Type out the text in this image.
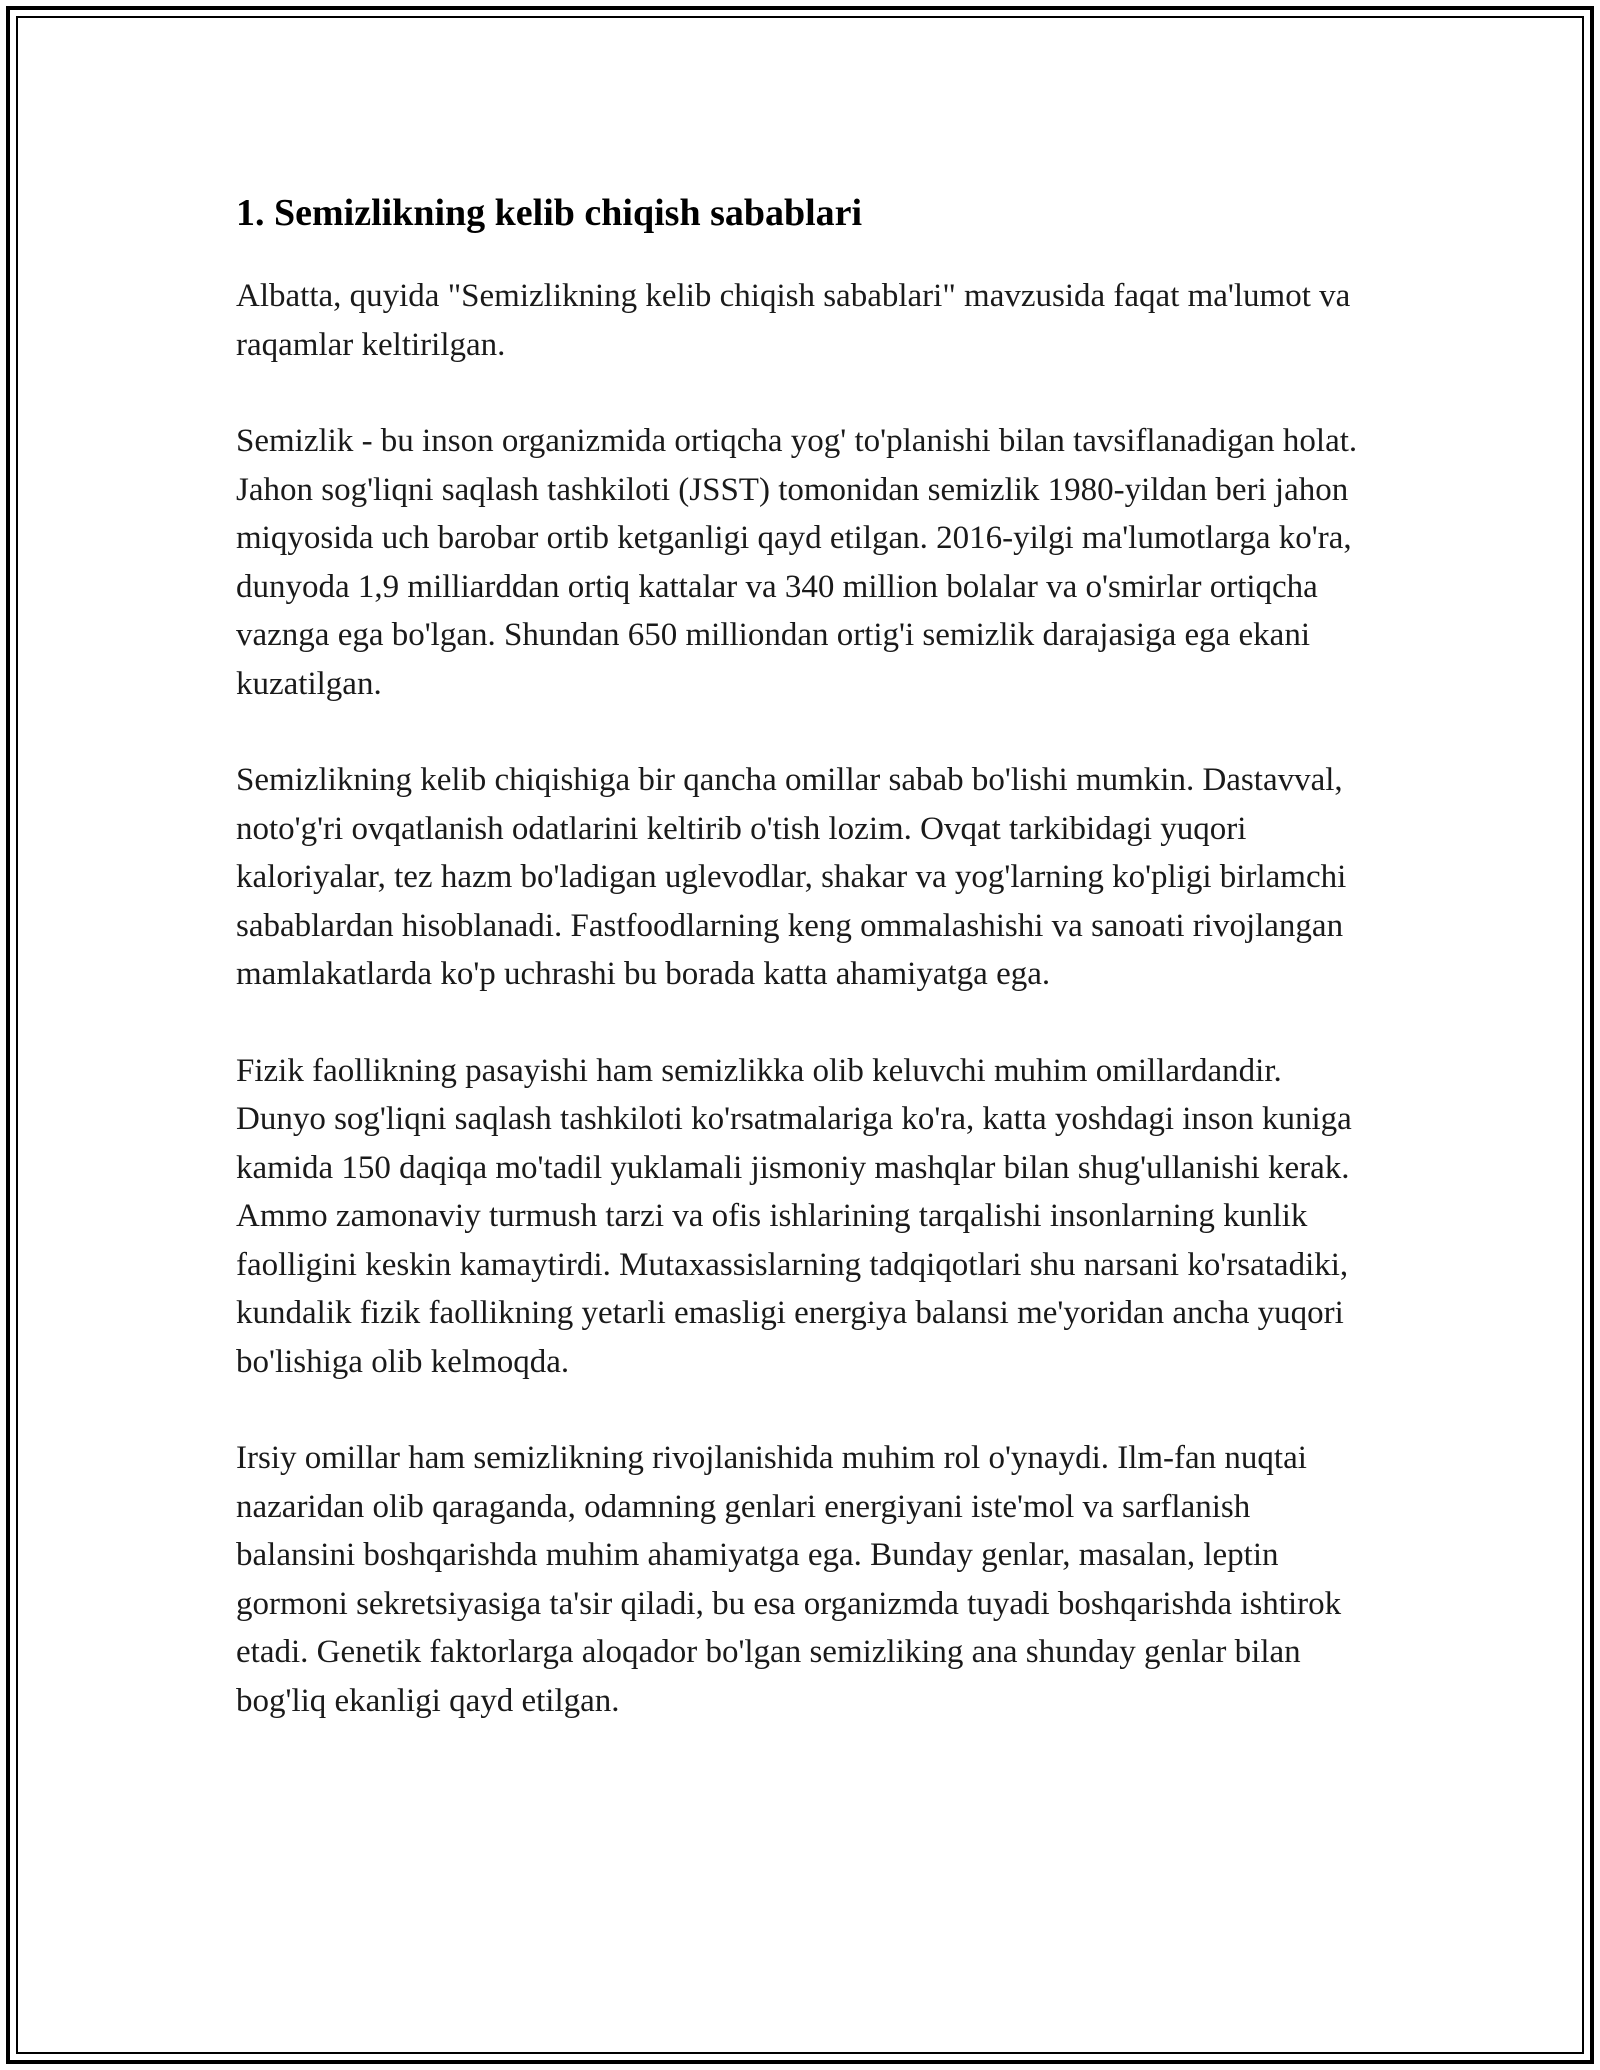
1. Semizlikning kelib chiqish sabablari

Albatta, quyida "Semizlikning kelib chiqish sabablari" mavzusida faqat ma'lumot va raqamlar keltirilgan.

Semizlik - bu inson organizmida ortiqcha yog' to'planishi bilan tavsiflanadigan holat. Jahon sog'liqni saqlash tashkiloti (JSST) tomonidan semizlik 1980-yildan beri jahon miqyosida uch barobar ortib ketganligi qayd etilgan. 2016-yilgi ma'lumotlarga ko'ra, dunyoda 1,9 milliarddan ortiq kattalar va 340 million bolalar va o'smirlar ortiqcha vaznga ega bo'lgan. Shundan 650 milliondan ortig'i semizlik darajasiga ega ekani kuzatilgan.

Semizlikning kelib chiqishiga bir qancha omillar sabab bo'lishi mumkin. Dastavval, noto'g'ri ovqatlanish odatlarini keltirib o'tish lozim. Ovqat tarkibidagi yuqori kaloriyalar, tez hazm bo'ladigan uglevodlar, shakar va yog'larning ko'pligi birlamchi sabablardan hisoblanadi. Fastfoodlarning keng ommalashishi va sanoati rivojlangan mamlakatlarda ko'p uchrashi bu borada katta ahamiyatga ega.

Fizik faollikning pasayishi ham semizlikka olib keluvchi muhim omillardandir. Dunyo sog'liqni saqlash tashkiloti ko'rsatmalariga ko'ra, katta yoshdagi inson kuniga kamida 150 daqiqa mo'tadil yuklamali jismoniy mashqlar bilan shug'ullanishi kerak. Ammo zamonaviy turmush tarzi va ofis ishlarining tarqalishi insonlarning kunlik faolligini keskin kamaytirdi. Mutaxassislarning tadqiqotlari shu narsani ko'rsatadiki, kundalik fizik faollikning yetarli emasligi energiya balansi me'yoridan ancha yuqori bo'lishiga olib kelmoqda.

Irsiy omillar ham semizlikning rivojlanishida muhim rol o'ynaydi. Ilm-fan nuqtai nazaridan olib qaraganda, odamning genlari energiyani iste'mol va sarflanish balansini boshqarishda muhim ahamiyatga ega. Bunday genlar, masalan, leptin gormoni sekretsiyasiga ta'sir qiladi, bu esa organizmda tuyadi boshqarishda ishtirok etadi. Genetik faktorlarga aloqador bo'lgan semizliking ana shunday genlar bilan bog'liq ekanligi qayd etilgan.
